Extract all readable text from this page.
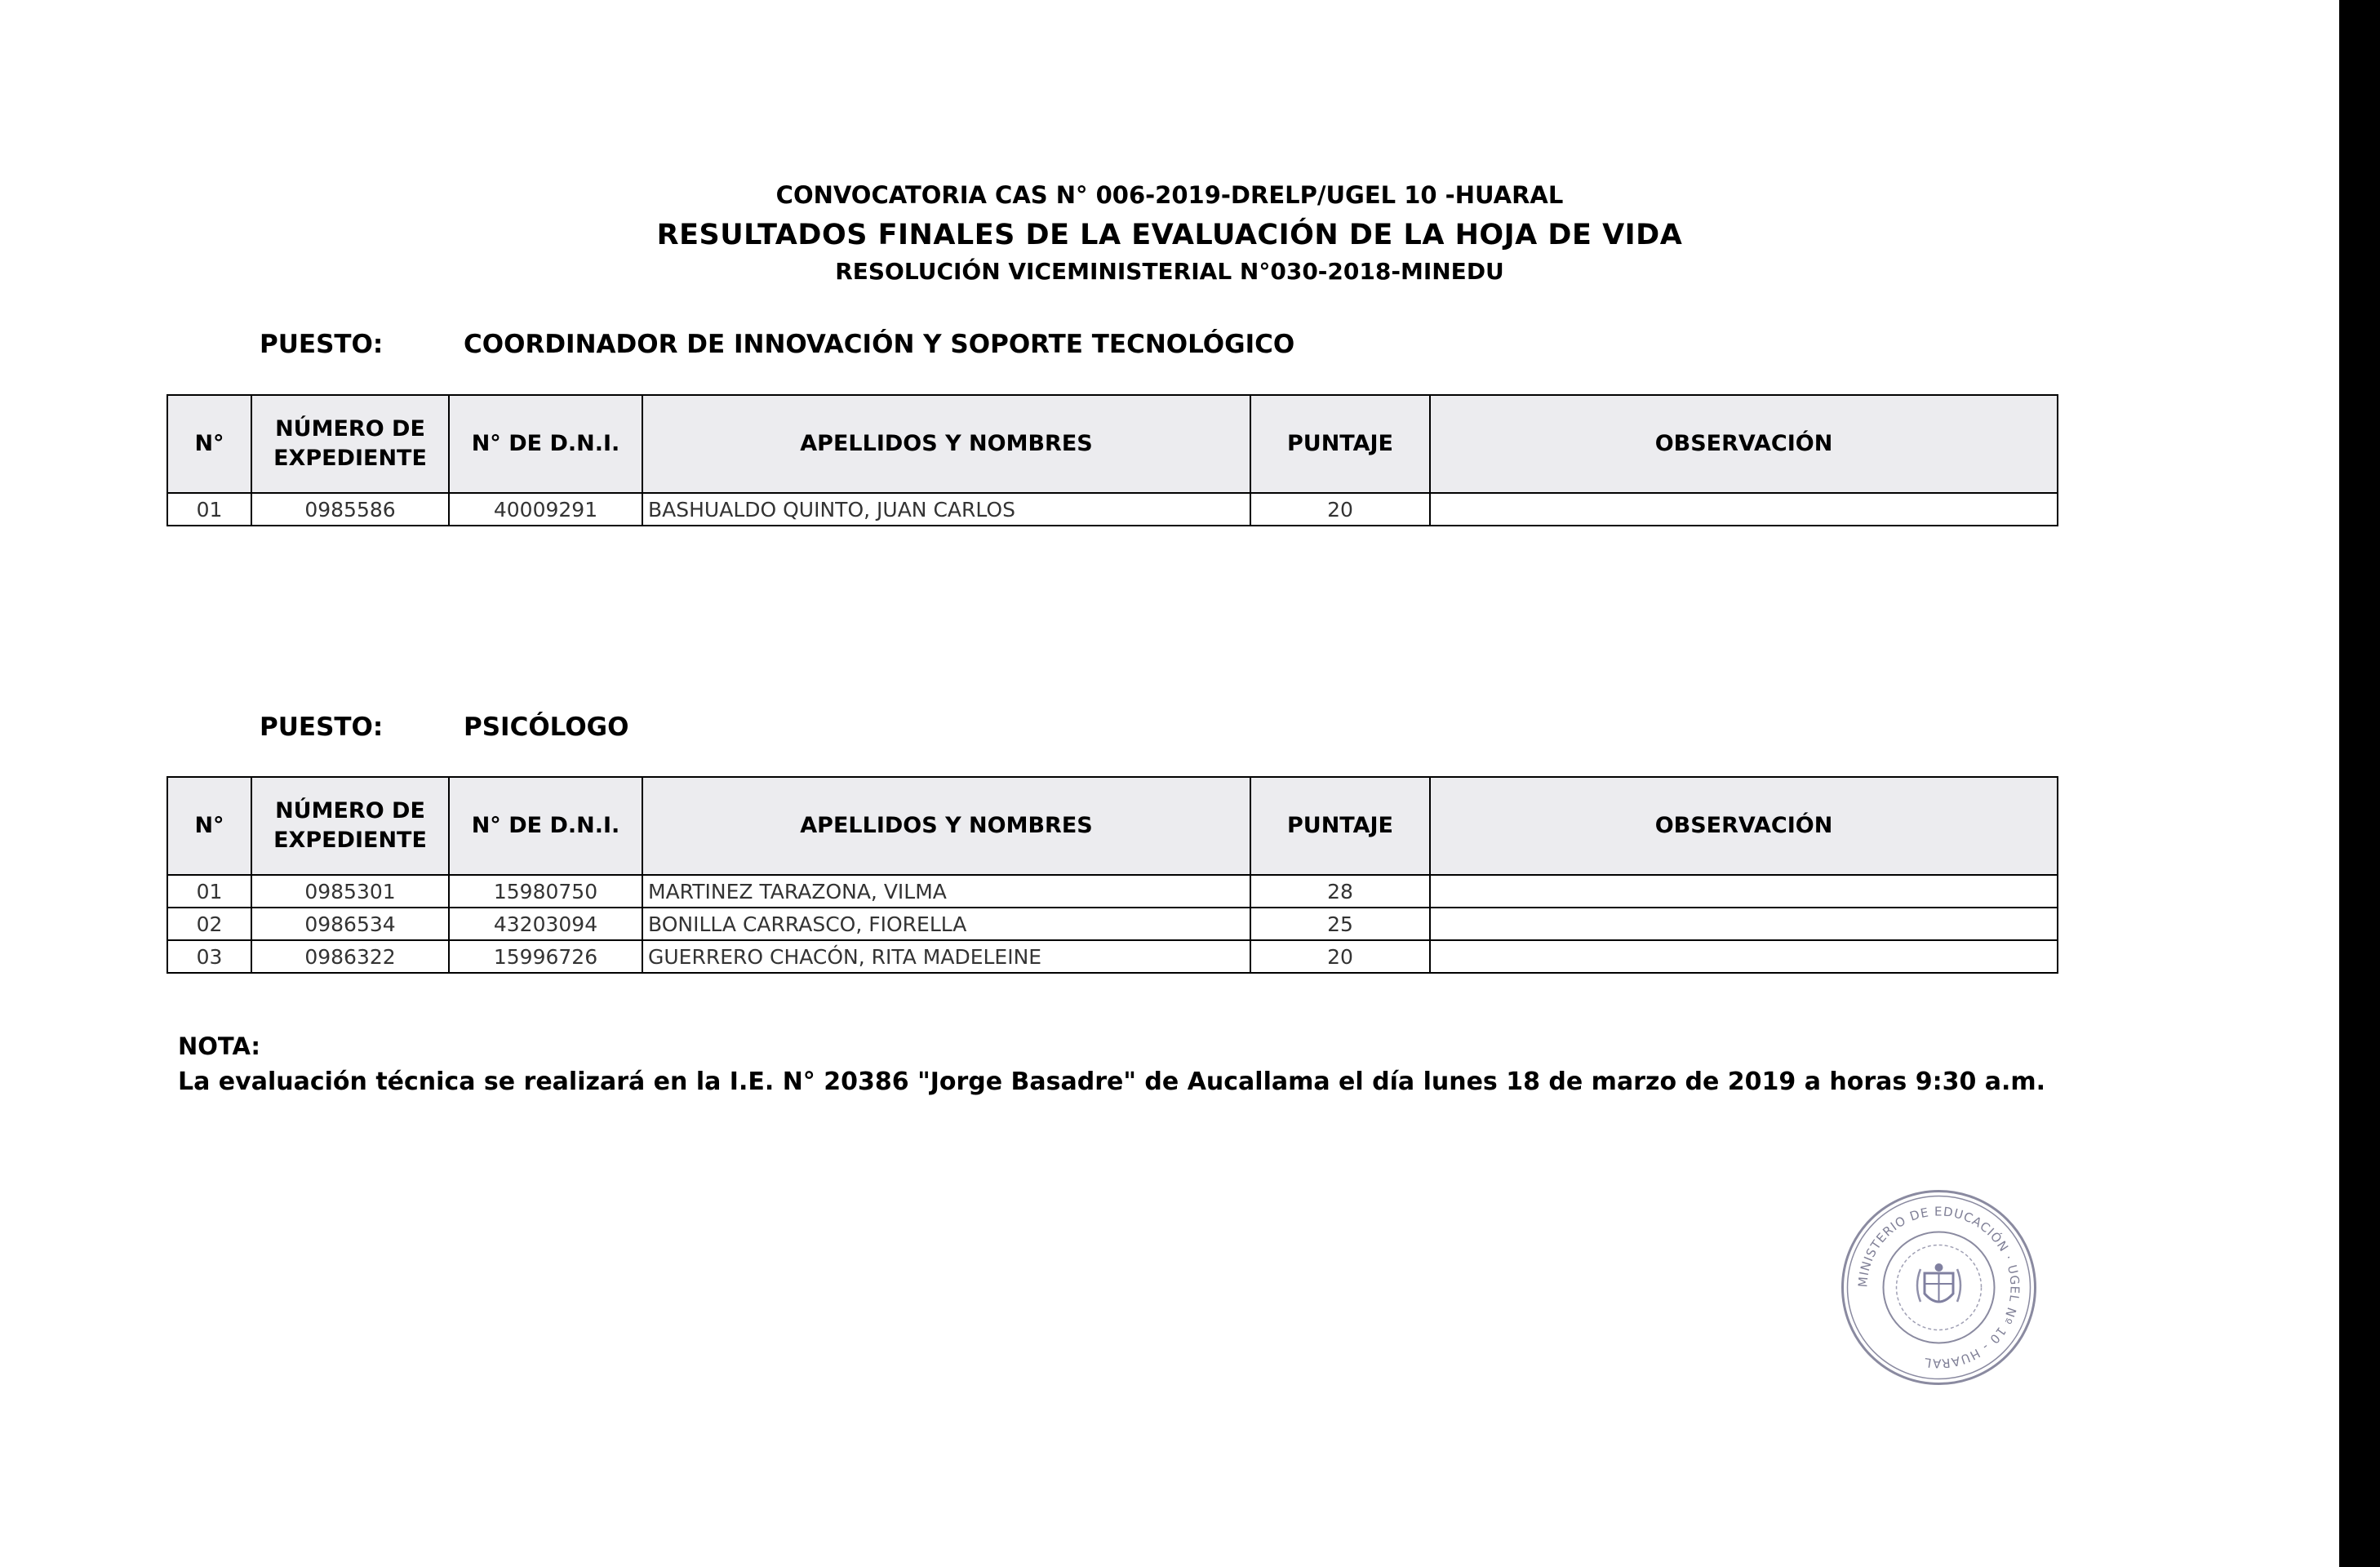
CONVOCATORIA CAS N° 006-2019-DRELP/UGEL 10 -HUARAL
RESULTADOS FINALES DE LA EVALUACIÓN DE LA HOJA DE VIDA
RESOLUCIÓN VICEMINISTERIAL N°030-2018-MINEDU
PUESTO:	COORDINADOR DE INNOVACIÓN Y SOPORTE TECNOLÓGICO
N°	NÚMERO DE EXPEDIENTE	N° DE D.N.I.	APELLIDOS Y NOMBRES	PUNTAJE	OBSERVACIÓN
01	0985586	40009291	BASHUALDO QUINTO, JUAN CARLOS	20	
PUESTO:	PSICÓLOGO
N°	NÚMERO DE EXPEDIENTE	N° DE D.N.I.	APELLIDOS Y NOMBRES	PUNTAJE	OBSERVACIÓN
01	0985301	15980750	MARTINEZ TARAZONA, VILMA	28	
02	0986534	43203094	BONILLA CARRASCO, FIORELLA	25	
03	0986322	15996726	GUERRERO CHACÓN, RITA MADELEINE	20	
NOTA:
La evaluación técnica se realizará en la I.E. N° 20386 "Jorge Basadre" de Aucallama el día lunes 18 de marzo de 2019 a horas 9:30 a.m.
MINISTERIO DE EDUCACIÓN · UGEL Nº 10 - HUARAL
